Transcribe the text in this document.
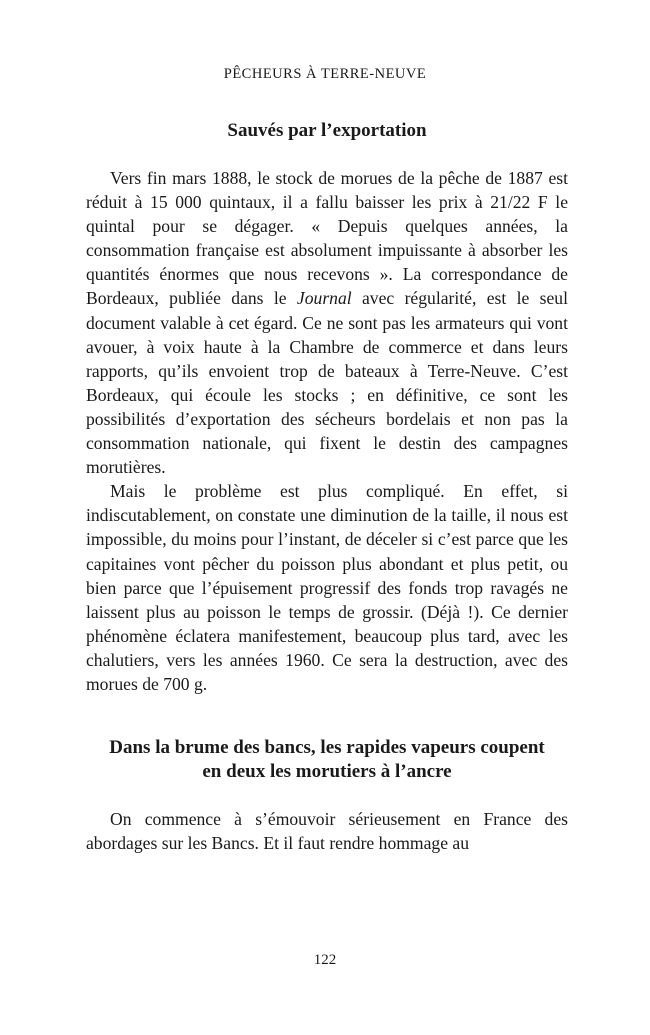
PÊCHEURS À TERRE-NEUVE
Sauvés par l’exportation

Vers fin mars 1888, le stock de morues de la pêche de 1887 est réduit à 15 000 quintaux, il a fallu baisser les prix à 21/22 F le quintal pour se dégager. « Depuis quelques années, la consommation française est absolument impuissante à absorber les quantités énormes que nous recevons ». La correspondance de Bordeaux, publiée dans le Journal avec régularité, est le seul document valable à cet égard. Ce ne sont pas les armateurs qui vont avouer, à voix haute à la Chambre de commerce et dans leurs rapports, qu’ils envoient trop de bateaux à Terre-Neuve. C’est Bordeaux, qui écoule les stocks ; en définitive, ce sont les possibilités d’exportation des sécheurs bordelais et non pas la consommation nationale, qui fixent le destin des campagnes morutières.

Mais le problème est plus compliqué. En effet, si indiscutablement, on constate une diminution de la taille, il nous est impossible, du moins pour l’instant, de déceler si c’est parce que les capitaines vont pêcher du poisson plus abondant et plus petit, ou bien parce que l’épuisement progressif des fonds trop ravagés ne laissent plus au poisson le temps de grossir. (Déjà !). Ce dernier phénomène éclatera manifestement, beaucoup plus tard, avec les chalutiers, vers les années 1960. Ce sera la destruction, avec des morues de 700 g.

Dans la brume des bancs, les rapides vapeurs coupent
en deux les morutiers à l’ancre

On commence à s’émouvoir sérieusement en France des abordages sur les Bancs. Et il faut rendre hommage au

122
